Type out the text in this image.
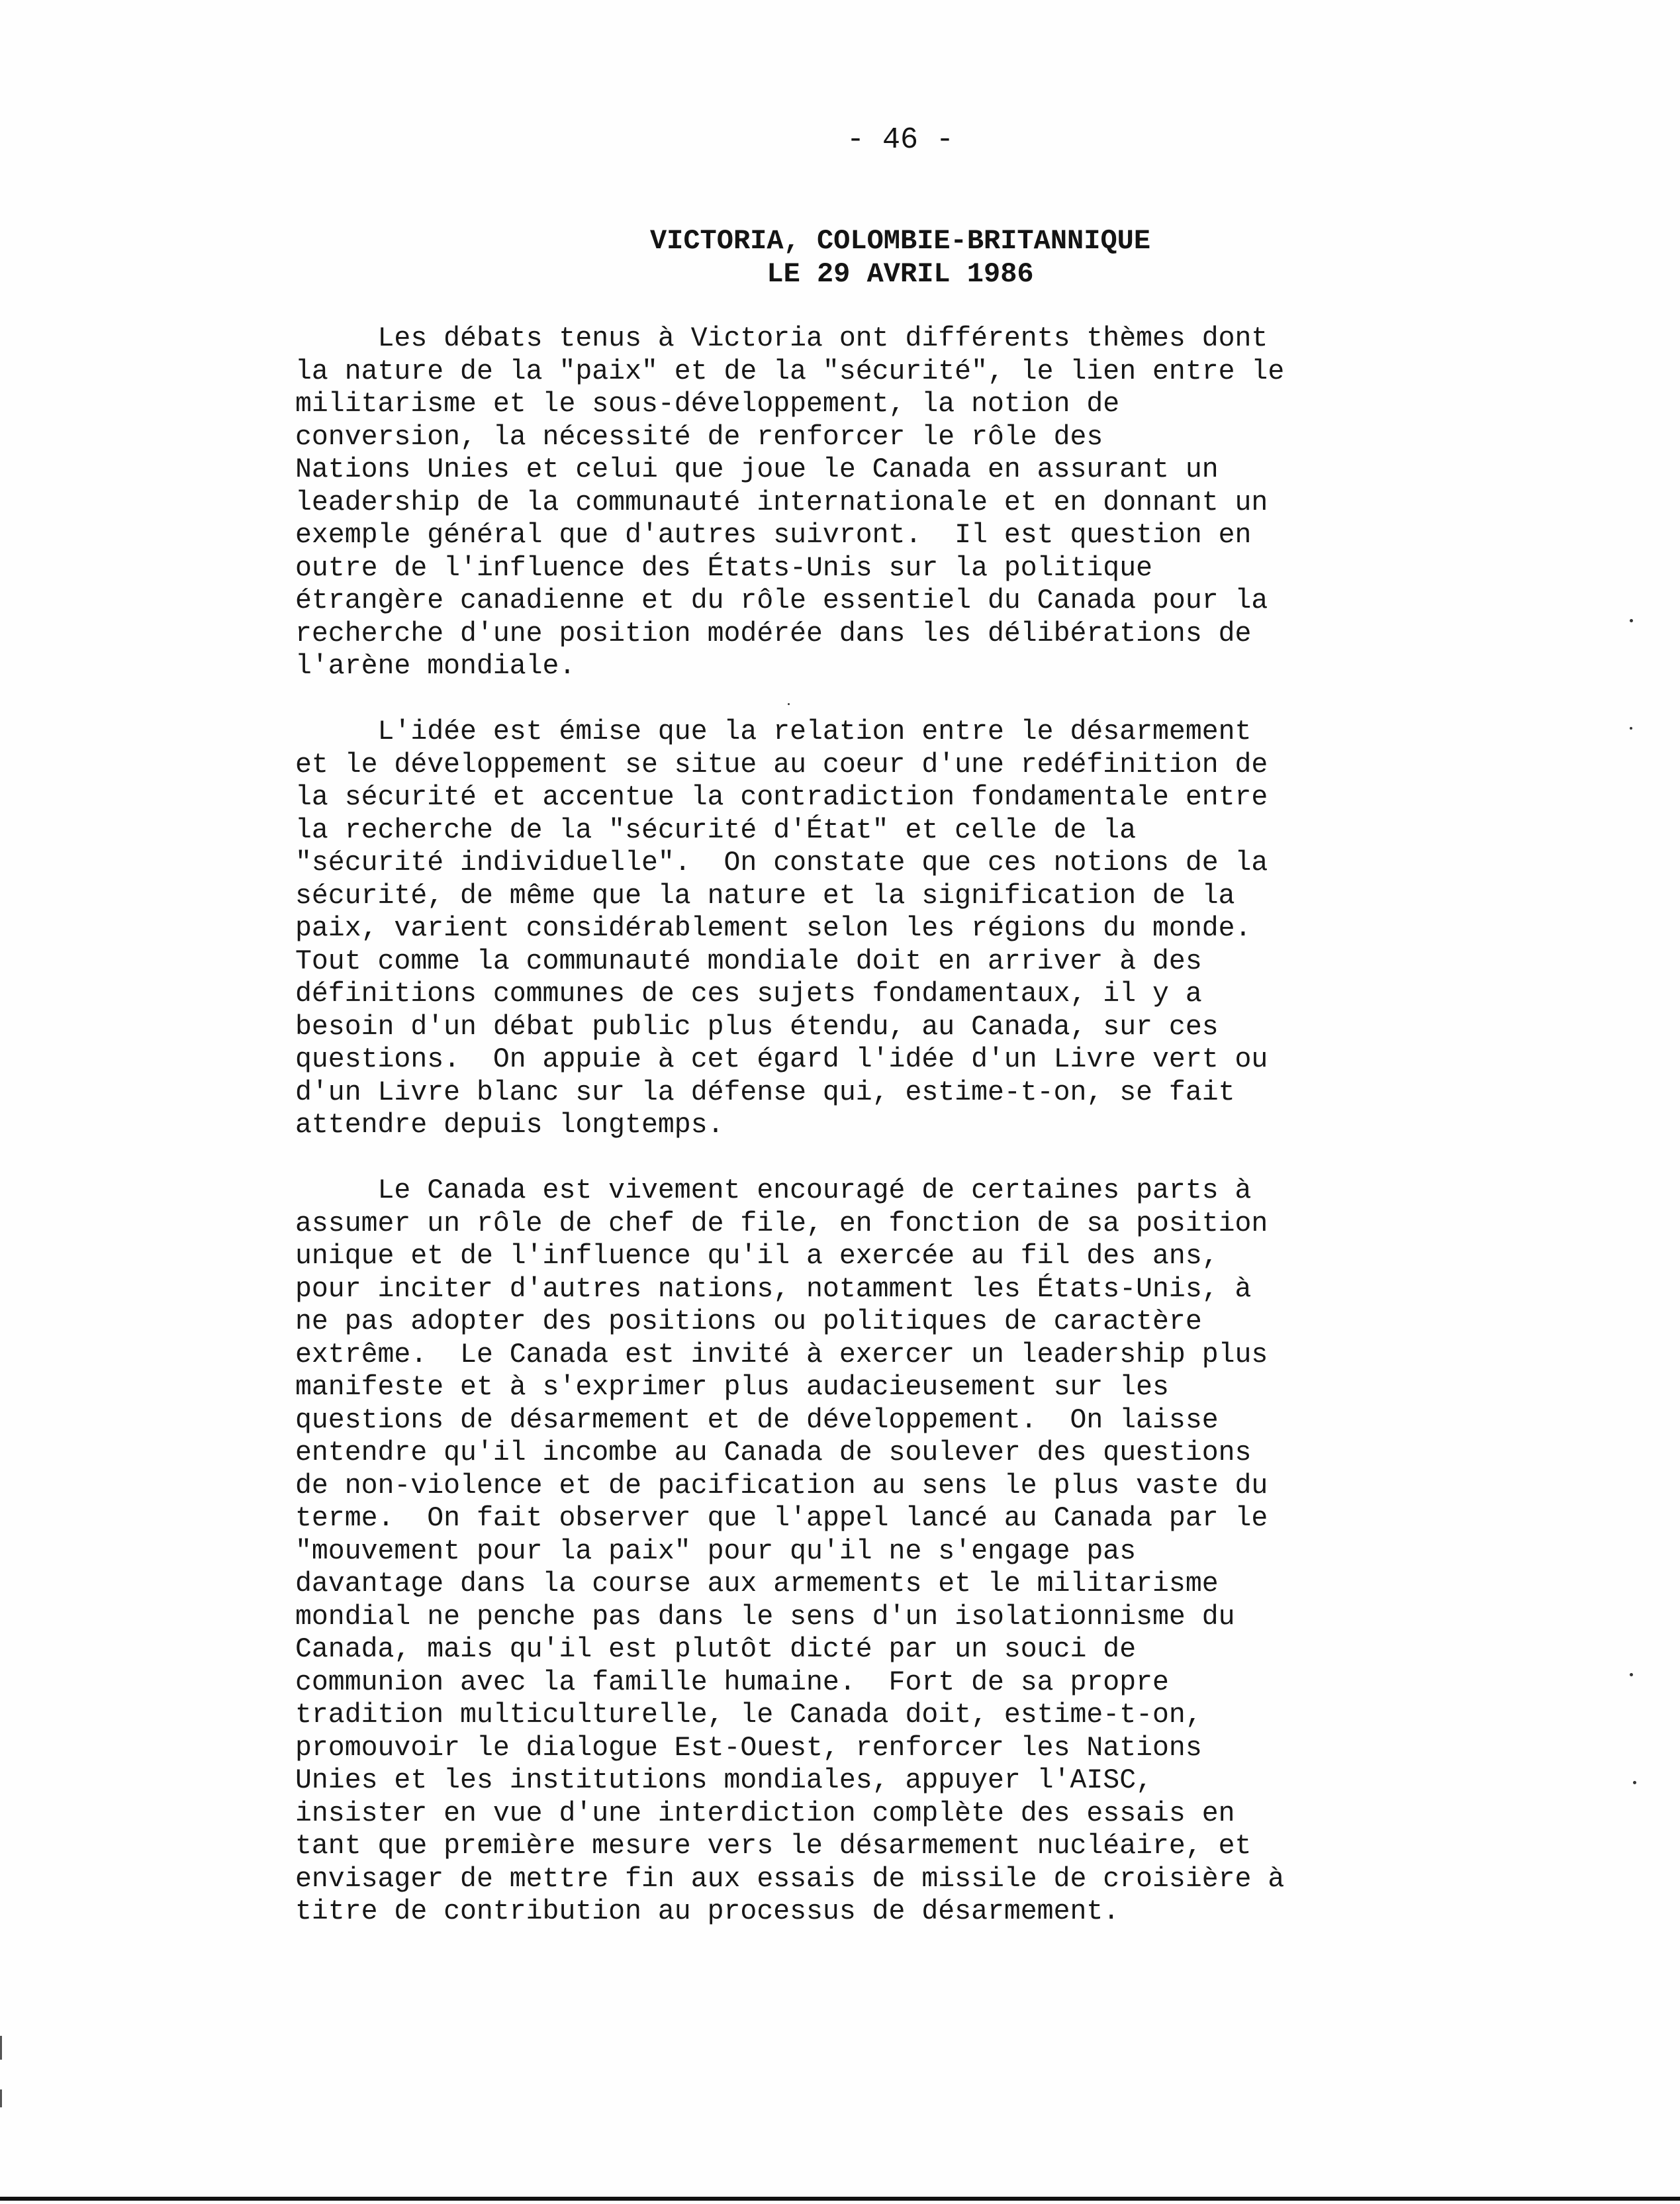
- 46 -
VICTORIA, COLOMBIE-BRITANNIQUE
LE 29 AVRIL 1986
Les débats tenus à Victoria ont différents thèmes dont
la nature de la "paix" et de la "sécurité", le lien entre le
militarisme et le sous-développement, la notion de
conversion, la nécessité de renforcer le rôle des
Nations Unies et celui que joue le Canada en assurant un
leadership de la communauté internationale et en donnant un
exemple général que d'autres suivront.  Il est question en
outre de l'influence des États-Unis sur la politique
étrangère canadienne et du rôle essentiel du Canada pour la
recherche d'une position modérée dans les délibérations de
l'arène mondiale.
L'idée est émise que la relation entre le désarmement
et le développement se situe au coeur d'une redéfinition de
la sécurité et accentue la contradiction fondamentale entre
la recherche de la "sécurité d'État" et celle de la
"sécurité individuelle".  On constate que ces notions de la
sécurité, de même que la nature et la signification de la
paix, varient considérablement selon les régions du monde.
Tout comme la communauté mondiale doit en arriver à des
définitions communes de ces sujets fondamentaux, il y a
besoin d'un débat public plus étendu, au Canada, sur ces
questions.  On appuie à cet égard l'idée d'un Livre vert ou
d'un Livre blanc sur la défense qui, estime-t-on, se fait
attendre depuis longtemps.
Le Canada est vivement encouragé de certaines parts à
assumer un rôle de chef de file, en fonction de sa position
unique et de l'influence qu'il a exercée au fil des ans,
pour inciter d'autres nations, notamment les États-Unis, à
ne pas adopter des positions ou politiques de caractère
extrême.  Le Canada est invité à exercer un leadership plus
manifeste et à s'exprimer plus audacieusement sur les
questions de désarmement et de développement.  On laisse
entendre qu'il incombe au Canada de soulever des questions
de non-violence et de pacification au sens le plus vaste du
terme.  On fait observer que l'appel lancé au Canada par le
"mouvement pour la paix" pour qu'il ne s'engage pas
davantage dans la course aux armements et le militarisme
mondial ne penche pas dans le sens d'un isolationnisme du
Canada, mais qu'il est plutôt dicté par un souci de
communion avec la famille humaine.  Fort de sa propre
tradition multiculturelle, le Canada doit, estime-t-on,
promouvoir le dialogue Est-Ouest, renforcer les Nations
Unies et les institutions mondiales, appuyer l'AISC,
insister en vue d'une interdiction complète des essais en
tant que première mesure vers le désarmement nucléaire, et
envisager de mettre fin aux essais de missile de croisière à
titre de contribution au processus de désarmement.
